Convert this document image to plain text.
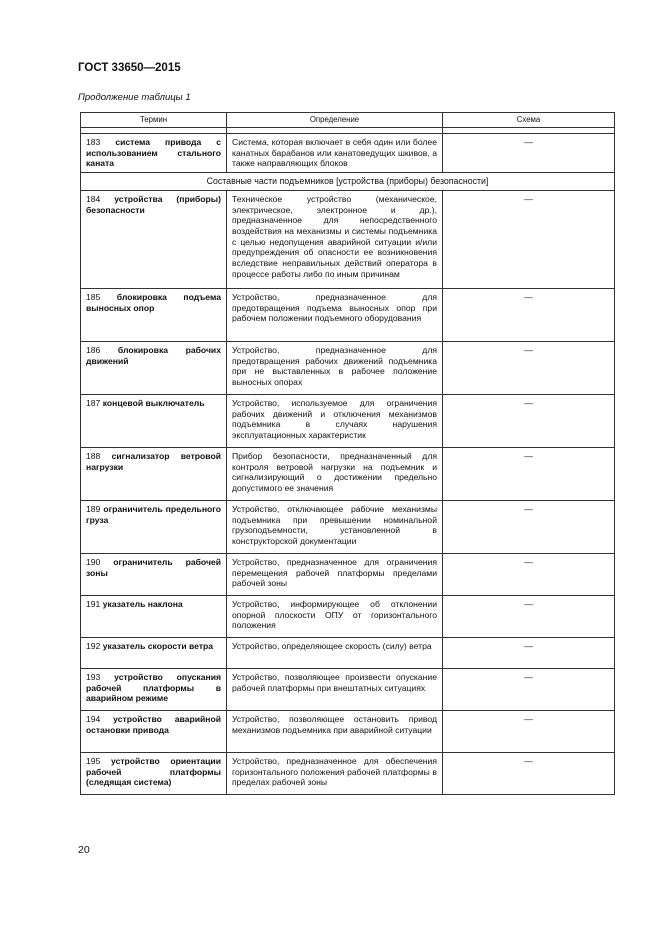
ГОСТ 33650—2015
Продолжение таблицы 1
Термин	Определение	Схема

183 система привода с использованием стального каната	Система, которая включает в себя один или более канатных барабанов или канатоведущих шкивов, а также направляющих блоков	—
Составные части подъемников [устройства (приборы) безопасности]		
184 устройства (приборы) безопасности	Техническое устройство (механическое, электрическое, электронное и др.), предназначенное для непосредственного воздействия на механизмы и системы подъемника с целью недопущения аварийной ситуации и/или предупреждения об опасности ее возникновения вследствие неправильных действий оператора в процессе работы либо по иным причинам	—
185 блокировка подъема выносных опор	Устройство, предназначенное для предотвращения подъема выносных опор при рабочем положении подъемного оборудования	—
186 блокировка рабочих движений	Устройство, предназначенное для предотвращения рабочих движений подъемника при не выставленных в рабочее положение выносных опорах	—
187 концевой выключатель	Устройство, используемое для ограничения рабочих движений и отключения механизмов подъемника в случаях нарушения эксплуатационных характеристик	—
188 сигнализатор ветровой нагрузки	Прибор безопасности, предназначенный для контроля ветровой нагрузки на подъемник и сигнализирующий о достижении предельно допустимого ее значения	—
189 ограничитель предельного груза	Устройство, отключающее рабочие механизмы подъемника при превышении номинальной грузоподъемности, установленной в конструкторской документации	—
190 ограничитель рабочей зоны	Устройство, предназначенное для ограничения перемещения рабочей платформы пределами рабочей зоны	—
191 указатель наклона	Устройство, информирующее об отклонении опорной плоскости ОПУ от горизонтального положения	—
192 указатель скорости ветра	Устройство, определяющее скорость (силу) ветра	—
193 устройство опускания рабочей платформы в аварийном режиме	Устройство, позволяющее произвести опускание рабочей платформы при внештатных ситуациях	—
194 устройство аварийной остановки привода	Устройство, позволяющее остановить привод механизмов подъемника при аварийной ситуации	—
195 устройство ориентации рабочей платформы (следящая система)	Устройство, предназначенное для обеспечения горизонтального положения рабочей платформы в пределах рабочей зоны	—
20
